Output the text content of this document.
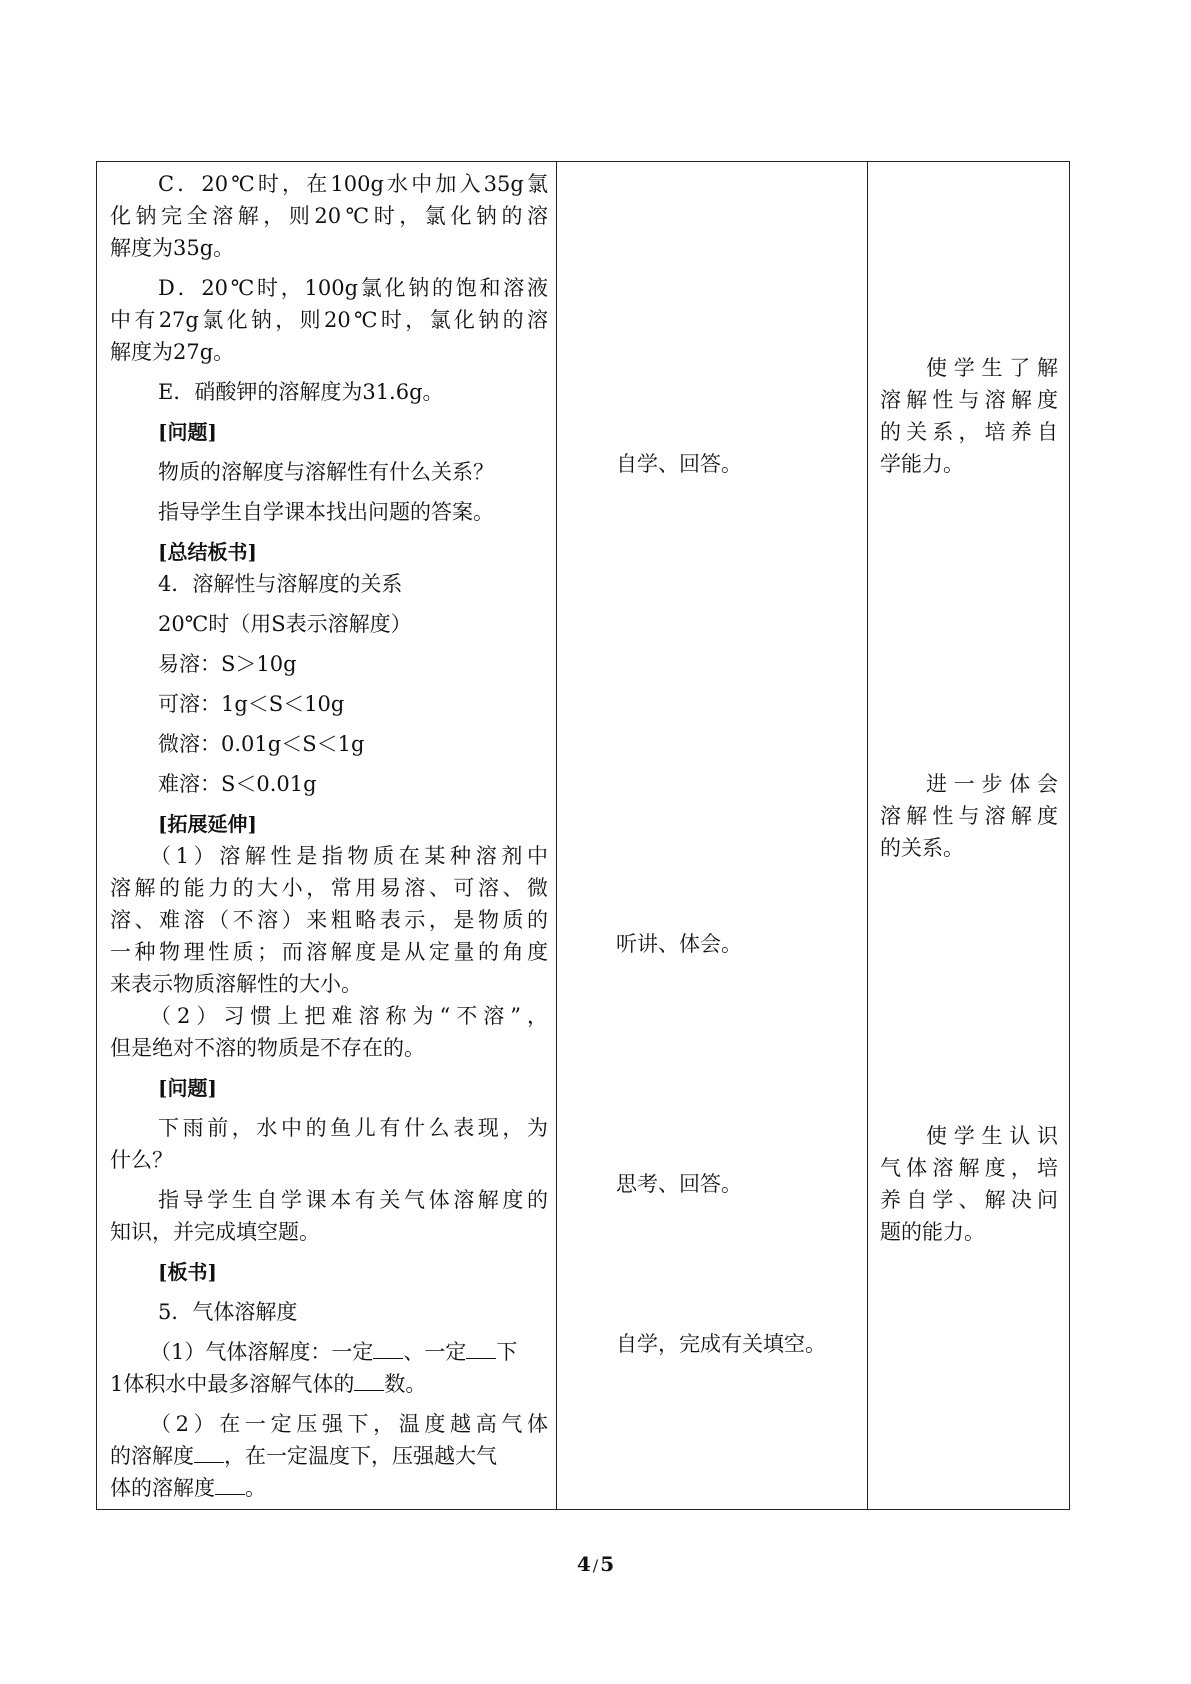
C．20℃时，在100g水中加入35g氯

化钠完全溶解，则20℃时，氯化钠的溶

解度为35g。

D．20℃时，100g氯化钠的饱和溶液

中有27g氯化钠，则20℃时，氯化钠的溶

解度为27g。

E．硝酸钾的溶解度为31.6g。

[问题]

物质的溶解度与溶解性有什么关系？

指导学生自学课本找出问题的答案。

[总结板书]

4．溶解性与溶解度的关系

20℃时（用S表示溶解度）

易溶：S＞10g

可溶：1g＜S＜10g

微溶：0.01g＜S＜1g

难溶：S＜0.01g

[拓展延伸]

（1）溶解性是指物质在某种溶剂中

溶解的能力的大小，常用易溶、可溶、微

溶、难溶（不溶）来粗略表示，是物质的

一种物理性质；而溶解度是从定量的角度

来表示物质溶解性的大小。

（2）习惯上把难溶称为“不溶”，

但是绝对不溶的物质是不存在的。

[问题]

下雨前，水中的鱼儿有什么表现，为

什么？

指导学生自学课本有关气体溶解度的

知识，并完成填空题。

[板书]

5．气体溶解度

（1）气体溶解度：一定 、一定 下

1体积水中最多溶解气体的 数。

（2）在一定压强下，温度越高气体

的溶解度 ，在一定温度下，压强越大气

体的溶解度 。

自学、回答。
听讲、体会。
思考、回答。
自学，完成有关填空。
使学生了解
溶解性与溶解度
的关系，培养自
学能力。
进一步体会
溶解性与溶解度
的关系。
使学生认识
气体溶解度，培
养自学、解决问
题的能力。
4 / 5
